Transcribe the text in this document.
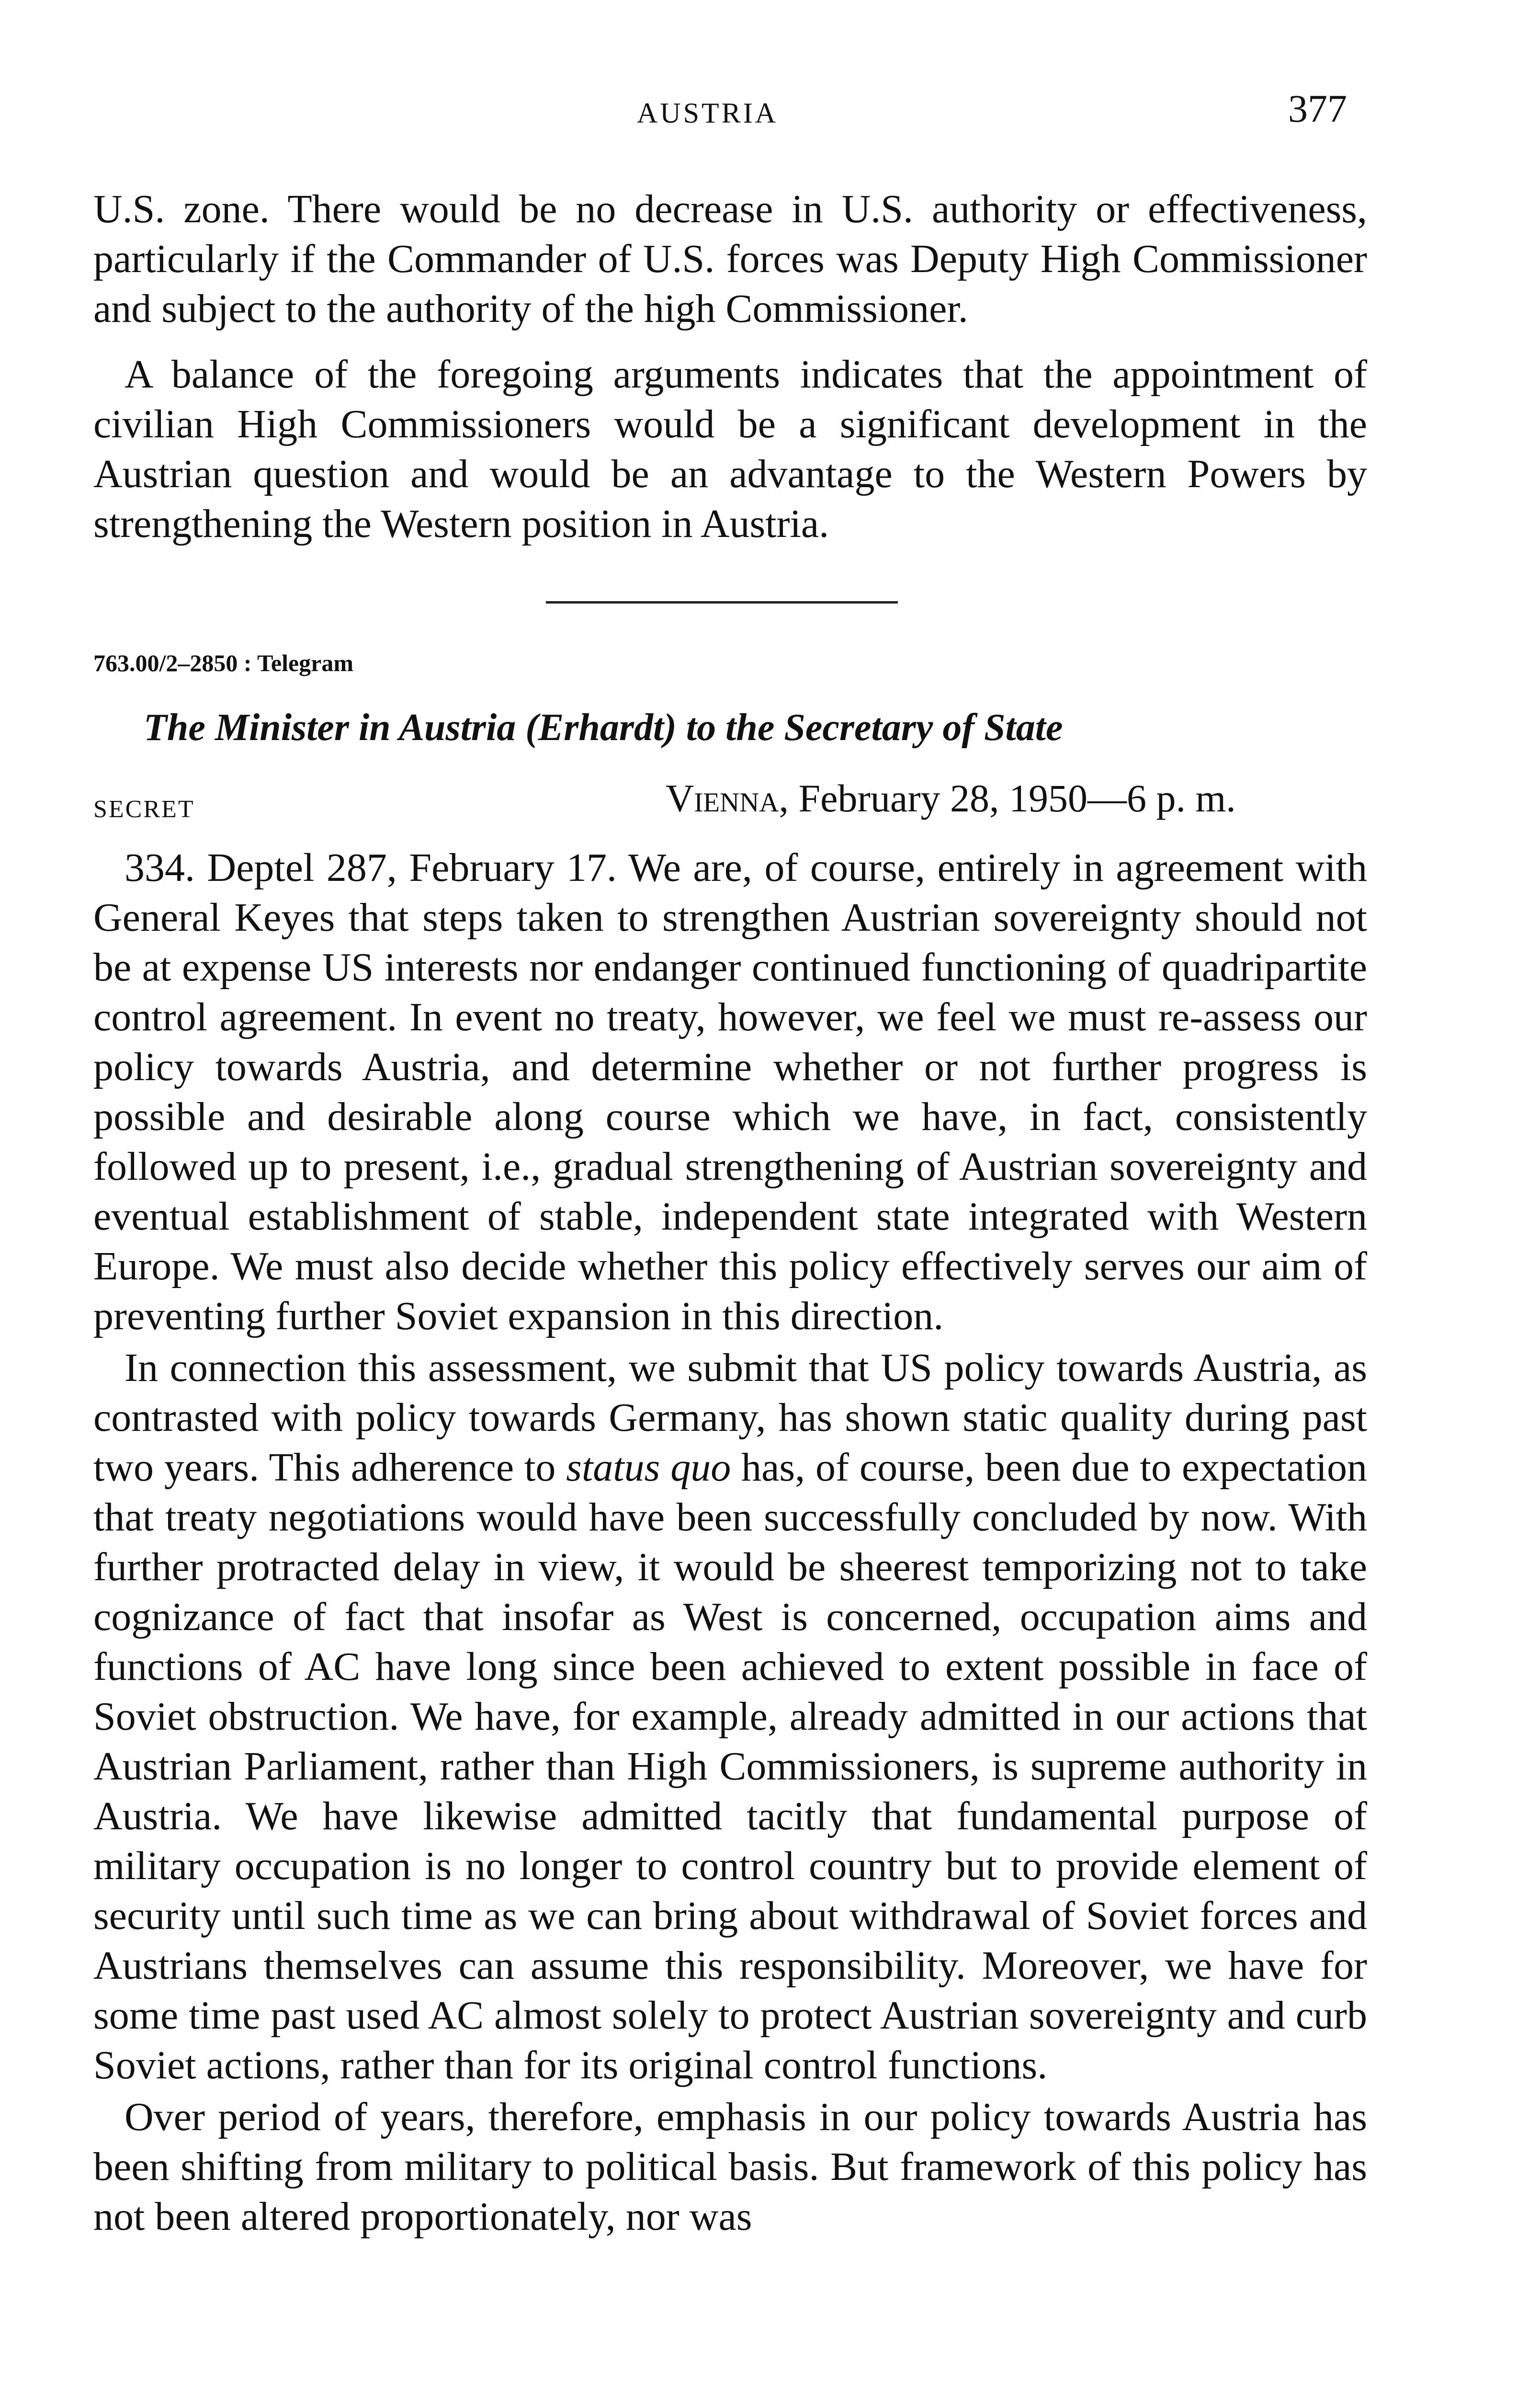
AUSTRIA	377

U.S. zone. There would be no decrease in U.S. authority or effectiveness, particularly if the Commander of U.S. forces was Deputy High Commissioner and subject to the authority of the high Commissioner.

A balance of the foregoing arguments indicates that the appointment of civilian High Commissioners would be a significant development in the Austrian question and would be an advantage to the Western Powers by strengthening the Western position in Austria.

763.00/2–2850 : Telegram
The Minister in Austria (Erhardt) to the Secretary of State
SECRET	Vienna, February 28, 1950—6 p. m.

334. Deptel 287, February 17. We are, of course, entirely in agreement with General Keyes that steps taken to strengthen Austrian sovereignty should not be at expense US interests nor endanger continued functioning of quadripartite control agreement. In event no treaty, however, we feel we must re-assess our policy towards Austria, and determine whether or not further progress is possible and desirable along course which we have, in fact, consistently followed up to present, i.e., gradual strengthening of Austrian sovereignty and eventual establishment of stable, independent state integrated with Western Europe. We must also decide whether this policy effectively serves our aim of preventing further Soviet expansion in this direction.

In connection this assessment, we submit that US policy towards Austria, as contrasted with policy towards Germany, has shown static quality during past two years. This adherence to status quo has, of course, been due to expectation that treaty negotiations would have been successfully concluded by now. With further protracted delay in view, it would be sheerest temporizing not to take cognizance of fact that insofar as West is concerned, occupation aims and functions of AC have long since been achieved to extent possible in face of Soviet obstruction. We have, for example, already admitted in our actions that Austrian Parliament, rather than High Commissioners, is supreme authority in Austria. We have likewise admitted tacitly that fundamental purpose of military occupation is no longer to control country but to provide element of security until such time as we can bring about withdrawal of Soviet forces and Austrians themselves can assume this responsibility. Moreover, we have for some time past used AC almost solely to protect Austrian sovereignty and curb Soviet actions, rather than for its original control functions.

Over period of years, therefore, emphasis in our policy towards Austria has been shifting from military to political basis. But framework of this policy has not been altered proportionately, nor was
